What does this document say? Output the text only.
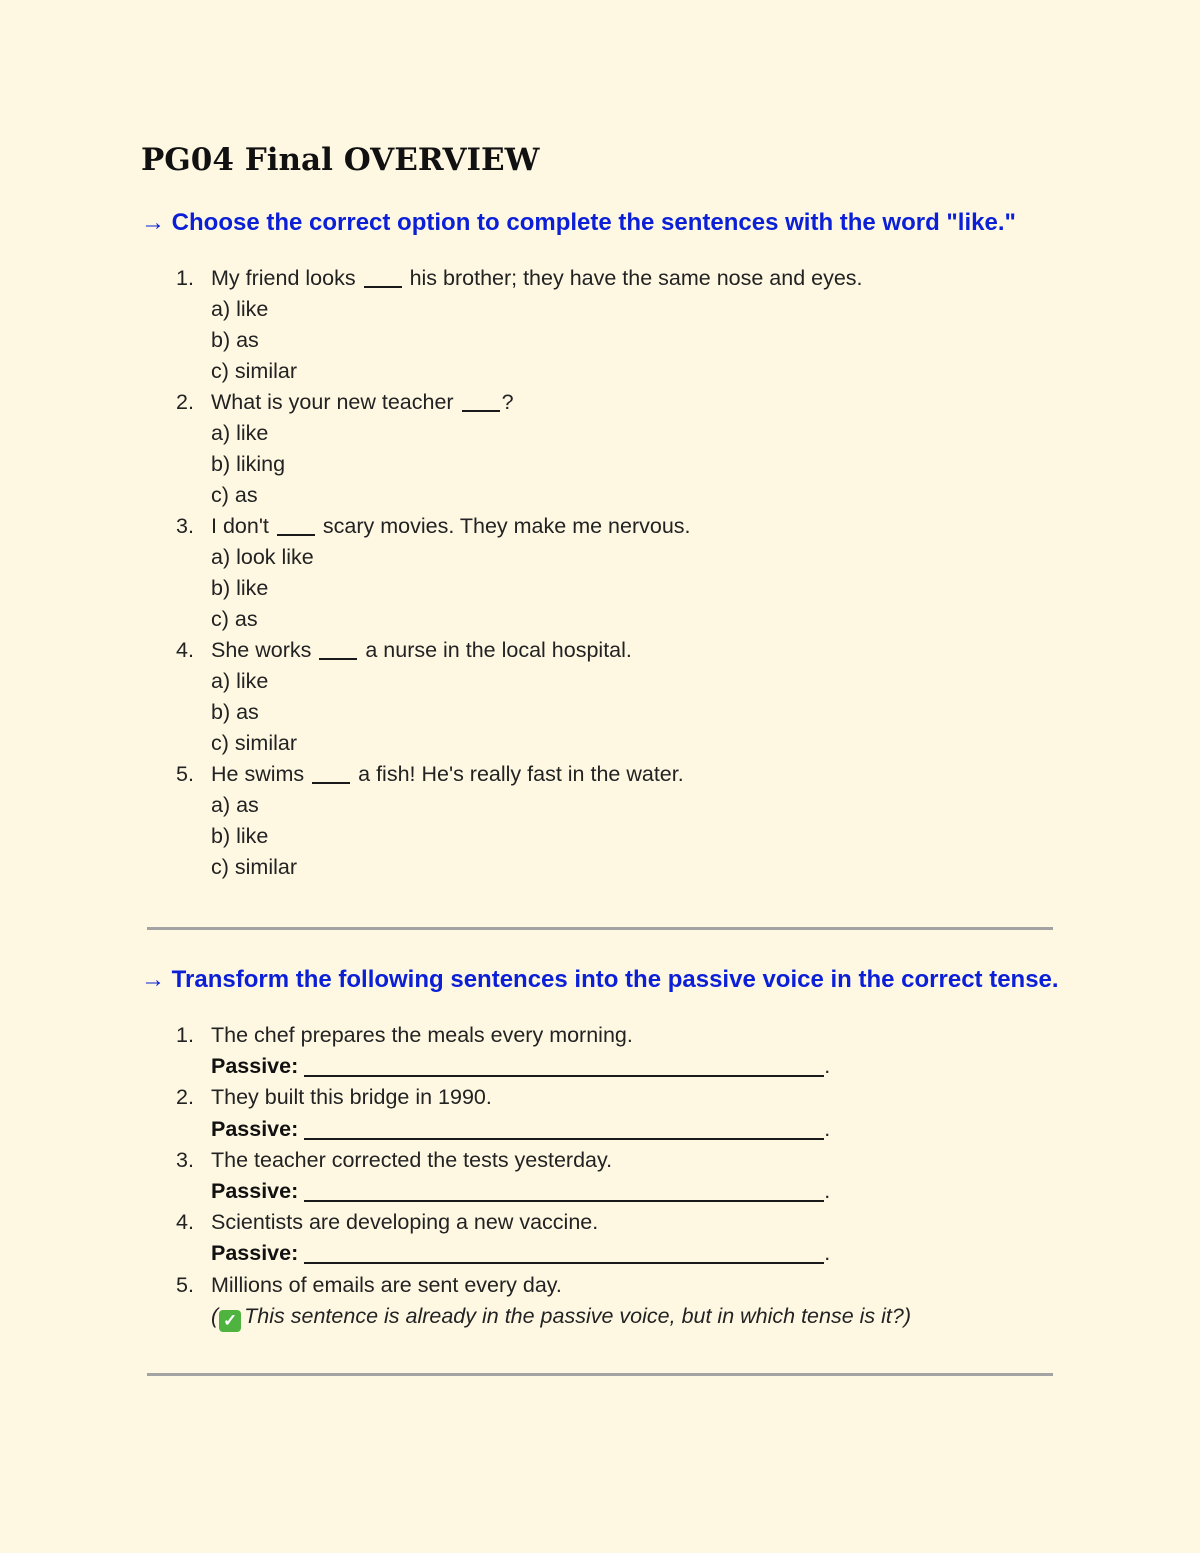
PG04 Final OVERVIEW
→ Choose the correct option to complete the sentences with the word "like."
1. My friend looks	his brother; they have the same nose and eyes.
a) like
b) as
c) similar
2. What is your new teacher ?
a) like
b) liking
c) as
3. I don't	scary movies. They make me nervous.
a) look like
b) like
c) as
4. She works	a nurse in the local hospital.
a) like
b) as
c) similar
5. He swims	a fish! He's really fast in the water.
a) as
b) like
c) similar
→ Transform the following sentences into the passive voice in the correct tense.
1. The chef prepares the meals every morning.
Passive:	.
2. They built this bridge in 1990.
Passive:	.
3. The teacher corrected the tests yesterday.
Passive:	.
4. Scientists are developing a new vaccine.
Passive:	.
5. Millions of emails are sent every day.
( ✓ This sentence is already in the passive voice, but in which tense is it?)
